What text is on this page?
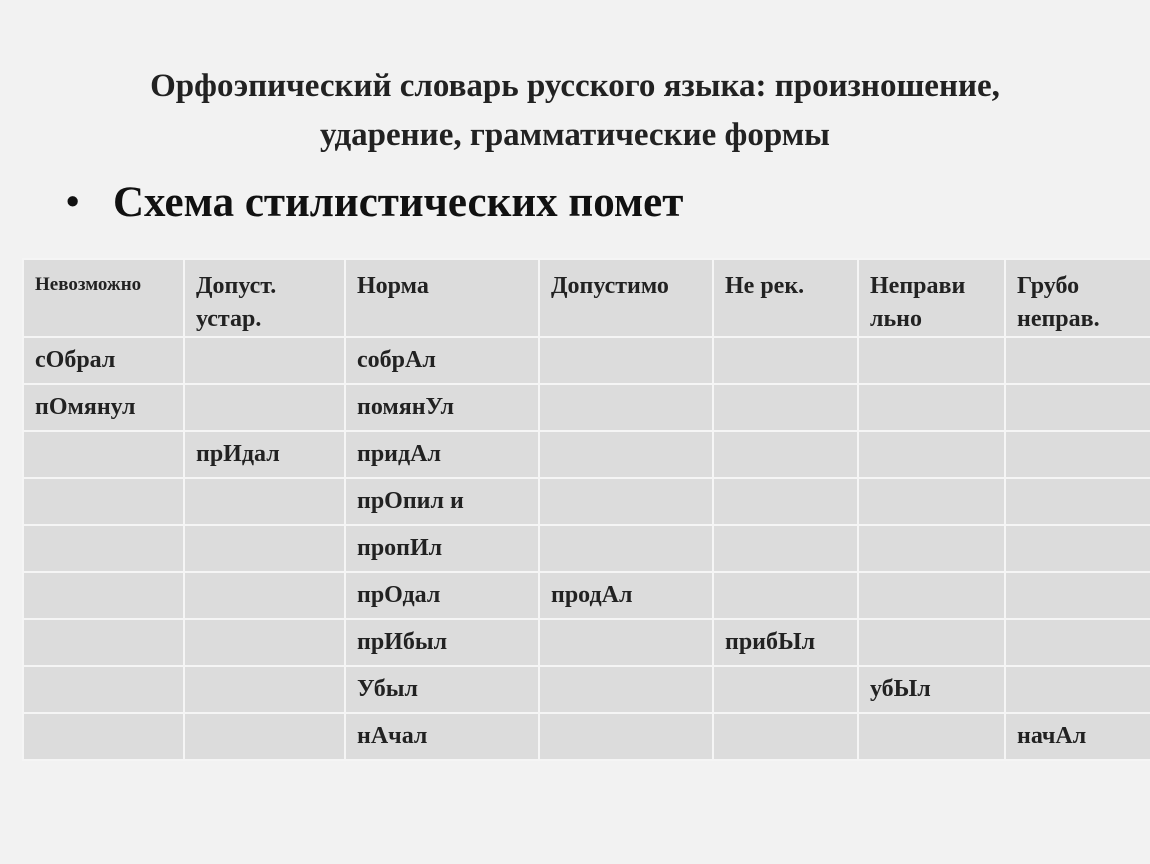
Орфоэпический словарь русского языка: произношение,
ударение, грамматические формы
• Схема стилистических помет
Невозможно	Допуст. устар.	Норма	Допустимо	Не рек.	Неправи льно	Грубо неправ.
сОбрал		собрАл				
пОмянул		помянУл				
	прИдал	придАл				
		прОпил и				
		пропИл				
		прОдал	продАл			
		прИбыл		прибЫл		
		Убыл			убЫл	
		нАчал				начАл
